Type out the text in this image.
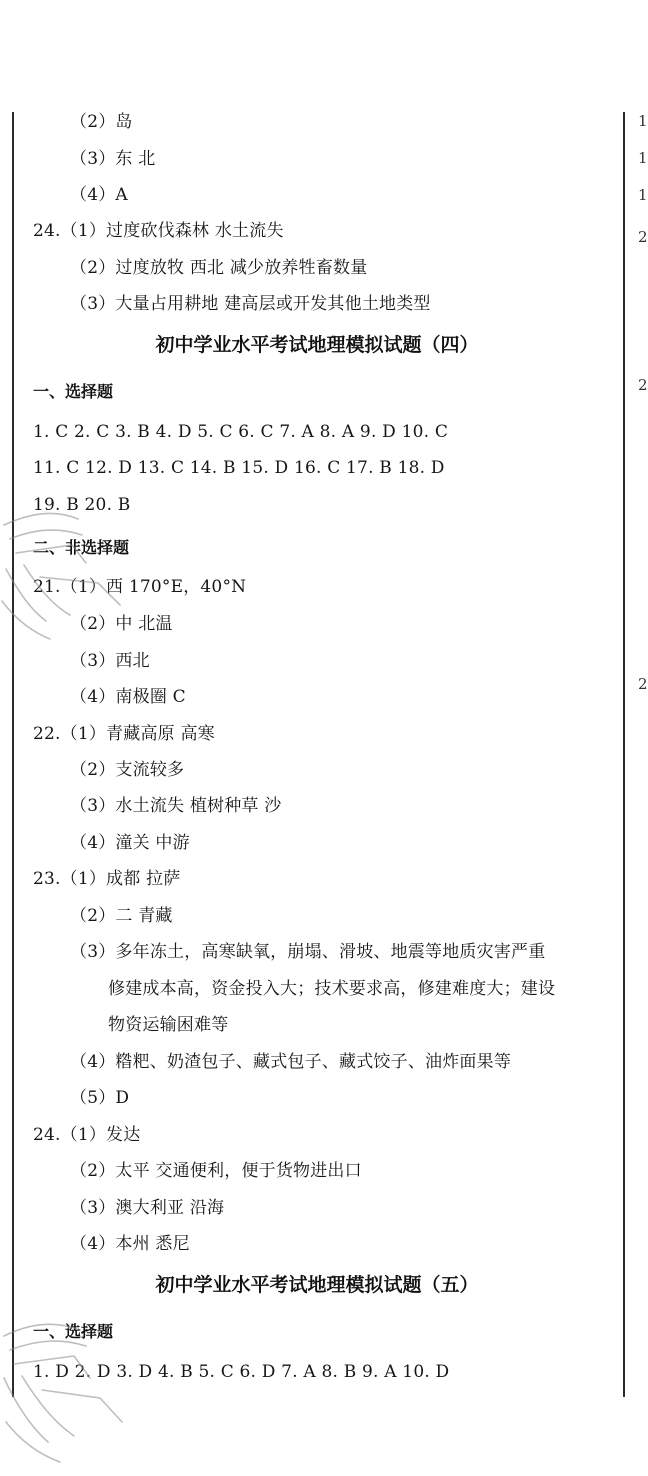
1
1
1
2
2
2
（2）岛
（3）东 北
（4）A
24.（1）过度砍伐森林 水土流失
（2）过度放牧 西北 减少放养牲畜数量
（3）大量占用耕地 建高层或开发其他土地类型
初中学业水平考试地理模拟试题（四）
一、选择题
1. C 2. C 3. B 4. D 5. C 6. C 7. A 8. A 9. D 10. C
11. C 12. D 13. C 14. B 15. D 16. C 17. B 18. D
19. B 20. B
二、非选择题
21.（1）西 170°E，40°N
（2）中 北温
（3）西北
（4）南极圈 C
22.（1）青藏高原 高寒
（2）支流较多
（3）水土流失 植树种草 沙
（4）潼关 中游
23.（1）成都 拉萨
（2）二 青藏
（3）多年冻土，高寒缺氧，崩塌、滑坡、地震等地质灾害严重
修建成本高，资金投入大；技术要求高，修建难度大；建设
物资运输困难等
（4）糌粑、奶渣包子、藏式包子、藏式饺子、油炸面果等
（5）D
24.（1）发达
（2）太平 交通便利，便于货物进出口
（3）澳大利亚 沿海
（4）本州 悉尼
初中学业水平考试地理模拟试题（五）
一、选择题
1. D 2. D 3. D 4. B 5. C 6. D 7. A 8. B 9. A 10. D
